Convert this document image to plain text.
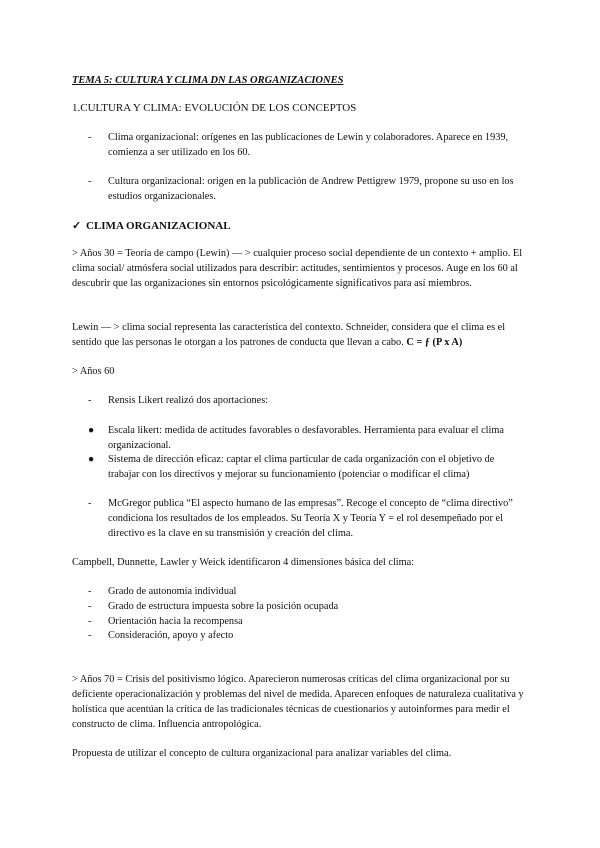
TEMA 5: CULTURA Y CLIMA DN LAS ORGANIZACIONES
1.CULTURA Y CLIMA: EVOLUCIÓN DE LOS CONCEPTOS
-	Clima organizacional: orígenes en las publicaciones de Lewin y colaboradores. Aparece en 1939, comienza a ser utilizado en los 60.
-	Cultura organizacional: origen en la publicación de Andrew Pettigrew 1979, propone su uso en los estudios organizacionales.
✓ CLIMA ORGANIZACIONAL
> Años 30 = Teoría de campo (Lewin) — > cualquier proceso social dependiente de un contexto + amplio. El clima social/ atmósfera social utilizados para describir: actitudes, sentimientos y procesos. Auge en los 60 al descubrir que las organizaciones sin entornos psicológicamente significativos para así miembros.
Lewin — > clima social representa las característica del contexto. Schneider, considera que el clima es el sentido que las personas le otorgan a los patrones de conducta que llevan a cabo. C = ƒ (P x A)
> Años 60
-	Rensis Likert realizó dos aportaciones:
●	Escala likert: medida de actitudes favorables o desfavorables. Herramienta para evaluar el clima organizacional.
●	Sistema de dirección eficaz: captar el clima particular de cada organización con el objetivo de trabajar con los directivos y mejorar su funcionamiento (potenciar o modificar el clima)
-	McGregor publica “El aspecto humano de las empresas”. Recoge el concepto de “clima directivo” condiciona los resultados de los empleados. Su Teoría X y Teoría Y = el rol desempeñado por el directivo es la clave en su transmisión y creación del clima.
Campbell, Dunnette, Lawler y Weick identificaron 4 dimensiones básica del clima:
-	Grado de autonomía individual
-	Grado de estructura impuesta sobre la posición ocupada
-	Orientación hacia la recompensa
-	Consideración, apoyo y afecto
> Años 70 = Crisis del positivismo lógico. Aparecieron numerosas críticas del clima organizacional por su deficiente operacionalización y problemas del nivel de medida. Aparecen enfoques de naturaleza cualitativa y holística que acentúan la crítica de las tradicionales técnicas de cuestionarios y autoinformes para medir el constructo de clima. Influencia antropológica.
Propuesta de utilizar el concepto de cultura organizacional para analizar variables del clima.
